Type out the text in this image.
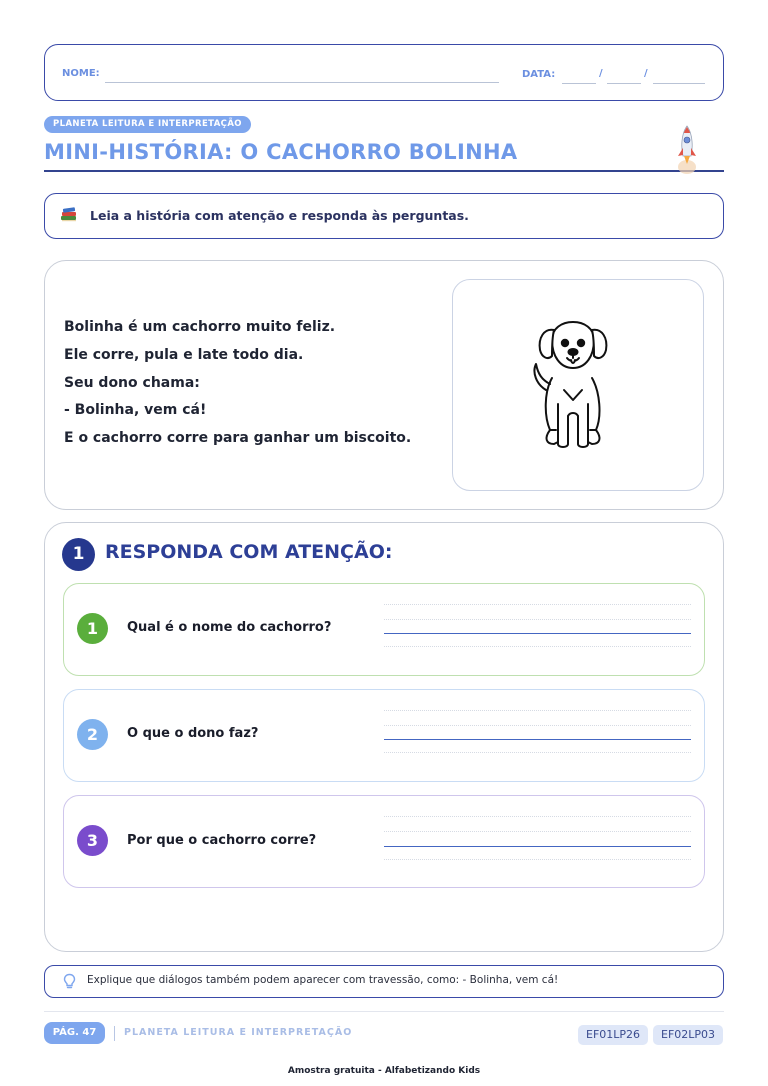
NOME:	DATA:	/	/
PLANETA LEITURA E INTERPRETAÇÃO
MINI-HISTÓRIA: O CACHORRO BOLINHA
Leia a história com atenção e responda às perguntas.
Bolinha é um cachorro muito feliz.
Ele corre, pula e late todo dia.
Seu dono chama:
- Bolinha, vem cá!
E o cachorro corre para ganhar um biscoito.
1	RESPONDA COM ATENÇÃO:
1	Qual é o nome do cachorro?
2	O que o dono faz?
3	Por que o cachorro corre?
Explique que diálogos também podem aparecer com travessão, como: - Bolinha, vem cá!
PÁG. 47	PLANETA LEITURA E INTERPRETAÇÃO	EF01LP26	EF02LP03
Amostra gratuita - Alfabetizando Kids
